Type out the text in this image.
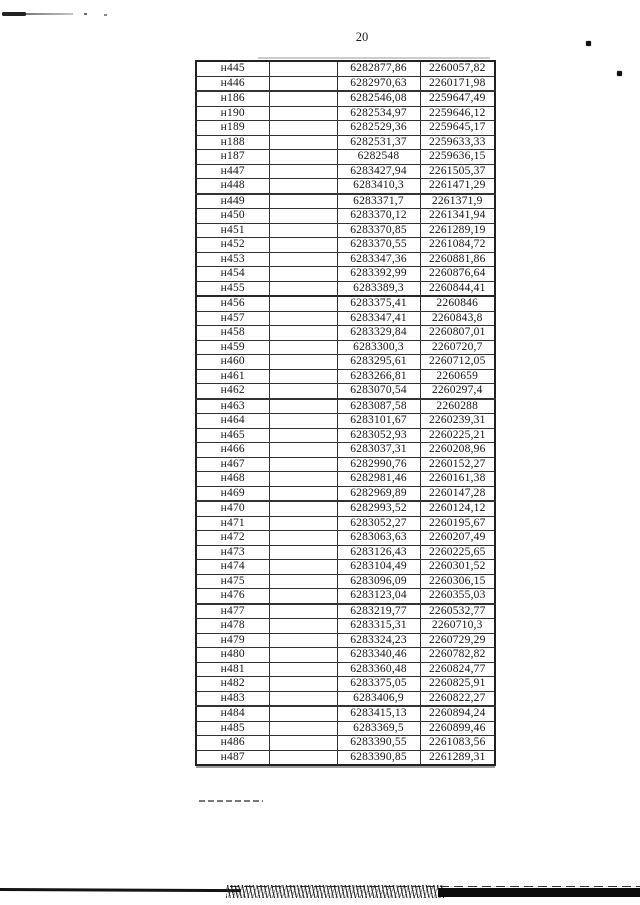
20
н445		6282877,86	2260057,82
н446		6282970,63	2260171,98
н186		6282546,08	2259647,49
н190		6282534,97	2259646,12
н189		6282529,36	2259645,17
н188		6282531,37	2259633,33
н187		6282548	2259636,15
н447		6283427,94	2261505,37
н448		6283410,3	2261471,29
н449		6283371,7	2261371,9
н450		6283370,12	2261341,94
н451		6283370,85	2261289,19
н452		6283370,55	2261084,72
н453		6283347,36	2260881,86
н454		6283392,99	2260876,64
н455		6283389,3	2260844,41
н456		6283375,41	2260846
н457		6283347,41	2260843,8
н458		6283329,84	2260807,01
н459		6283300,3	2260720,7
н460		6283295,61	2260712,05
н461		6283266,81	2260659
н462		6283070,54	2260297,4
н463		6283087,58	2260288
н464		6283101,67	2260239,31
н465		6283052,93	2260225,21
н466		6283037,31	2260208,96
н467		6282990,76	2260152,27
н468		6282981,46	2260161,38
н469		6282969,89	2260147,28
н470		6282993,52	2260124,12
н471		6283052,27	2260195,67
н472		6283063,63	2260207,49
н473		6283126,43	2260225,65
н474		6283104,49	2260301,52
н475		6283096,09	2260306,15
н476		6283123,04	2260355,03
н477		6283219,77	2260532,77
н478		6283315,31	2260710,3
н479		6283324,23	2260729,29
н480		6283340,46	2260782,82
н481		6283360,48	2260824,77
н482		6283375,05	2260825,91
н483		6283406,9	2260822,27
н484		6283415,13	2260894,24
н485		6283369,5	2260899,46
н486		6283390,55	2261083,56
н487		6283390,85	2261289,31
